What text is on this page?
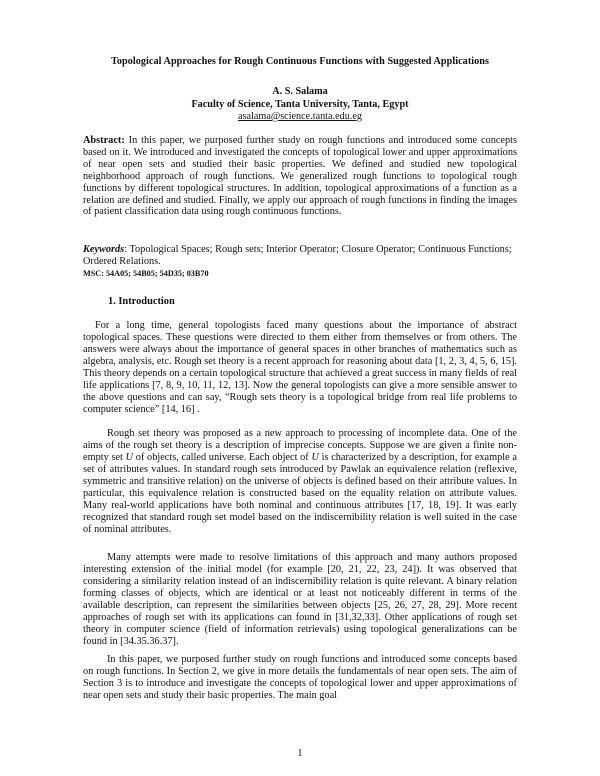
Topological Approaches for Rough Continuous Functions with Suggested Applications
A. S. Salama
Faculty of Science, Tanta University, Tanta, Egypt
asalama@science.tanta.edu.eg
Abstract: In this paper, we purposed further study on rough functions and introduced some concepts based on it. We introduced and investigated the concepts of topological lower and upper approximations of near open sets and studied their basic properties. We defined and studied new topological neighborhood approach of rough functions. We generalized rough functions to topological rough functions by different topological structures. In addition, topological approximations of a function as a relation are defined and studied. Finally, we apply our approach of rough functions in finding the images of patient classification data using rough continuous functions.
Keywords: Topological Spaces; Rough sets; Interior Operator; Closure Operator; Continuous Functions; Ordered Relations.
MSC: 54A05; 54B05; 54D35; 03B70
1. Introduction
For a long time, general topologists faced many questions about the importance of abstract topological spaces. These questions were directed to them either from themselves or from others. The answers were always about the importance of general spaces in other branches of mathematics such as algebra, analysis, etc. Rough set theory is a recent approach for reasoning about data [1, 2, 3, 4, 5, 6, 15]. This theory depends on a certain topological structure that achieved a great success in many fields of real life applications [7, 8, 9, 10, 11, 12, 13]. Now the general topologists can give a more sensible answer to the above questions and can say, “Rough sets theory is a topological bridge from real life problems to computer science” [14, 16] .
Rough set theory was proposed as a new approach to processing of incomplete data. One of the aims of the rough set theory is a description of imprecise concepts. Suppose we are given a finite non-empty set U of objects, called universe. Each object of U is characterized by a description, for example a set of attributes values. In standard rough sets introduced by Pawlak an equivalence relation (reflexive, symmetric and transitive relation) on the universe of objects is defined based on their attribute values. In particular, this equivalence relation is constructed based on the equality relation on attribute values. Many real-world applications have both nominal and continuous attributes [17, 18, 19]. It was early recognized that standard rough set model based on the indiscernibility relation is well suited in the case of nominal attributes.
Many attempts were made to resolve limitations of this approach and many authors proposed interesting extension of the initial model (for example [20, 21, 22, 23, 24]). It was observed that considering a similarity relation instead of an indiscernibility relation is quite relevant. A binary relation forming classes of objects, which are identical or at least not noticeably different in terms of the available description, can represent the similarities between objects [25, 26, 27, 28, 29]. More recent approaches of rough set with its applications can found in [31,32,33]. Other applications of rough set theory in computer science (field of information retrievals) using topological generalizations can be found in [34.35.36.37].
In this paper, we purposed further study on rough functions and introduced some concepts based on rough functions. In Section 2, we give in more details the fundamentals of near open sets. The aim of Section 3 is to introduce and investigate the concepts of topological lower and upper approximations of near open sets and study their basic properties. The main goal
1
